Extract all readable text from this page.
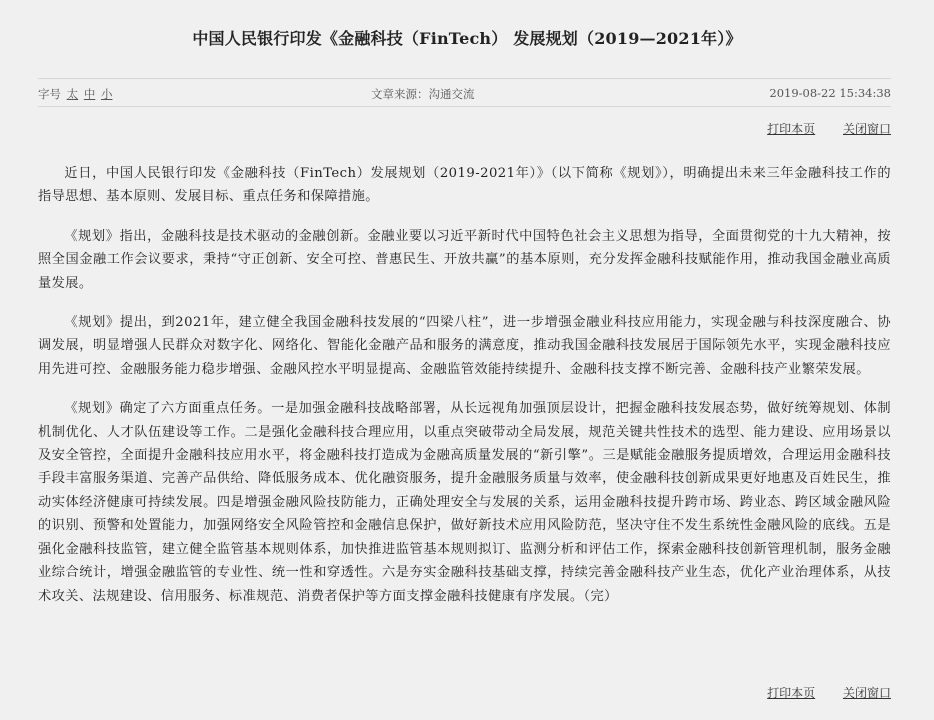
中国人民银行印发《金融科技（FinTech） 发展规划（2019—2021年）》
字号 太 中 小	文章来源：沟通交流	2019-08-22 15:34:38
打印本页 关闭窗口

近日，中国人民银行印发《金融科技（FinTech）发展规划（2019-2021年）》（以下简称《规划》），明确提出未来三年金融科技工作的指导思想、基本原则、发展目标、重点任务和保障措施。

《规划》指出，金融科技是技术驱动的金融创新。金融业要以习近平新时代中国特色社会主义思想为指导，全面贯彻党的十九大精神，按照全国金融工作会议要求，秉持“守正创新、安全可控、普惠民生、开放共赢”的基本原则，充分发挥金融科技赋能作用，推动我国金融业高质量发展。

《规划》提出，到2021年，建立健全我国金融科技发展的“四梁八柱”，进一步增强金融业科技应用能力，实现金融与科技深度融合、协调发展，明显增强人民群众对数字化、网络化、智能化金融产品和服务的满意度，推动我国金融科技发展居于国际领先水平，实现金融科技应用先进可控、金融服务能力稳步增强、金融风控水平明显提高、金融监管效能持续提升、金融科技支撑不断完善、金融科技产业繁荣发展。

《规划》确定了六方面重点任务。一是加强金融科技战略部署，从长远视角加强顶层设计，把握金融科技发展态势，做好统筹规划、体制机制优化、人才队伍建设等工作。二是强化金融科技合理应用，以重点突破带动全局发展，规范关键共性技术的选型、能力建设、应用场景以及安全管控，全面提升金融科技应用水平，将金融科技打造成为金融高质量发展的“新引擎”。三是赋能金融服务提质增效，合理运用金融科技手段丰富服务渠道、完善产品供给、降低服务成本、优化融资服务，提升金融服务质量与效率，使金融科技创新成果更好地惠及百姓民生，推动实体经济健康可持续发展。四是增强金融风险技防能力，正确处理安全与发展的关系，运用金融科技提升跨市场、跨业态、跨区域金融风险的识别、预警和处置能力，加强网络安全风险管控和金融信息保护，做好新技术应用风险防范，坚决守住不发生系统性金融风险的底线。五是强化金融科技监管，建立健全监管基本规则体系，加快推进监管基本规则拟订、监测分析和评估工作，探索金融科技创新管理机制，服务金融业综合统计，增强金融监管的专业性、统一性和穿透性。六是夯实金融科技基础支撑，持续完善金融科技产业生态，优化产业治理体系，从技术攻关、法规建设、信用服务、标准规范、消费者保护等方面支撑金融科技健康有序发展。（完）

打印本页 关闭窗口
